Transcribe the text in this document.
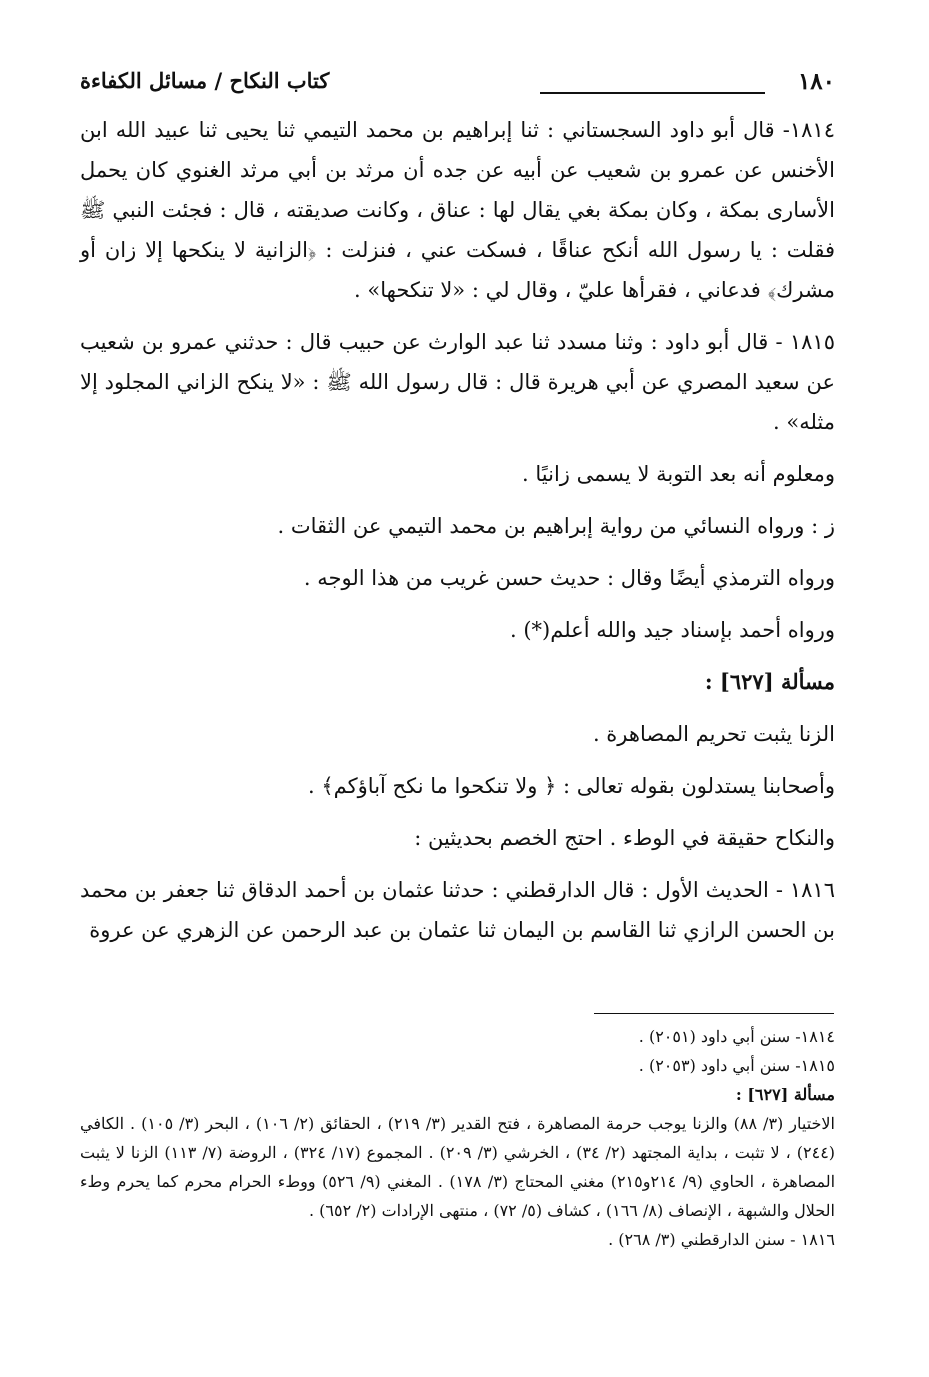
١٨٠
كتاب النكاح / مسائل الكفاءة

١٨١٤- قال أبو داود السجستاني : ثنا إبراهيم بن محمد التيمي ثنا يحيى ثنا عبيد الله ابن الأخنس عن عمرو بن شعيب عن أبيه عن جده أن مرثد بن أبي مرثد الغنوي كان يحمل الأسارى بمكة ، وكان بمكة بغي يقال لها : عناق ، وكانت صديقته ، قال : فجئت النبي ﷺ فقلت : يا رسول الله أنكح عناقًا ، فسكت عني ، فنزلت : ﴿الزانية لا ينكحها إلا زان أو مشرك﴾ فدعاني ، فقرأها عليّ ، وقال لي : «لا تنكحها» .

١٨١٥ - قال أبو داود : وثنا مسدد ثنا عبد الوارث عن حبيب قال : حدثني عمرو بن شعيب عن سعيد المصري عن أبي هريرة قال : قال رسول الله ﷺ : «لا ينكح الزاني المجلود إلا مثله» .

ومعلوم أنه بعد التوبة لا يسمى زانيًا .

ز : ورواه النسائي من رواية إبراهيم بن محمد التيمي عن الثقات .

ورواه الترمذي أيضًا وقال : حديث حسن غريب من هذا الوجه .

ورواه أحمد بإسناد جيد والله أعلم(*) .

مسألة [٦٢٧] :

الزنا يثبت تحريم المصاهرة .

وأصحابنا يستدلون بقوله تعالى : ﴿ ولا تنكحوا ما نكح آباؤكم﴾ .

والنكاح حقيقة في الوطء . احتج الخصم بحديثين :

١٨١٦ - الحديث الأول : قال الدارقطني : حدثنا عثمان بن أحمد الدقاق ثنا جعفر بن محمد بن الحسن الرازي ثنا القاسم بن اليمان ثنا عثمان بن عبد الرحمن عن الزهري عن عروة

١٨١٤- سنن أبي داود (٢٠٥١) .

١٨١٥- سنن أبي داود (٢٠٥٣) .

مسألة [٦٢٧] :

الاختيار (٣/ ٨٨) والزنا يوجب حرمة المصاهرة ، فتح القدير (٣/ ٢١٩) ، الحقائق (٢/ ١٠٦) ، البحر (٣/ ١٠٥) . الكافي (٢٤٤) ، لا تثبت ، بداية المجتهد (٢/ ٣٤) ، الخرشي (٣/ ٢٠٩) . المجموع (١٧/ ٣٢٤) ، الروضة (٧/ ١١٣) الزنا لا يثبت المصاهرة ، الحاوي (٩/ ٢١٤و٢١٥) مغني المحتاج (٣/ ١٧٨) . المغني (٩/ ٥٢٦) ووطء الحرام محرم كما يحرم وطء الحلال والشبهة ، الإنصاف (٨/ ١٦٦) ، كشاف (٥/ ٧٢) ، منتهى الإرادات (٢/ ٦٥٢) .

١٨١٦ - سنن الدارقطني (٣/ ٢٦٨) .
